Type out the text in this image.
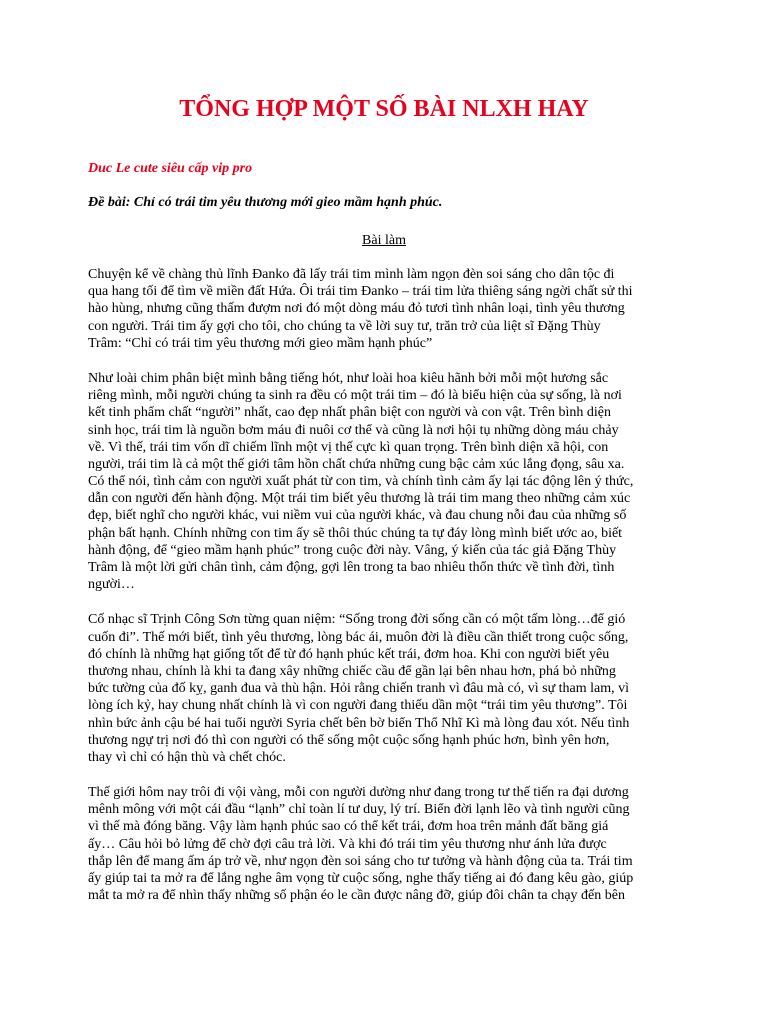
TỔNG HỢP MỘT SỐ BÀI NLXH HAY
Duc Le cute siêu cấp vip pro
Đề bài: Chỉ có trái tim yêu thương mới gieo mầm hạnh phúc.
Bài làm
Chuyện kể về chàng thủ lĩnh Đanko đã lấy trái tim mình làm ngọn đèn soi sáng cho dân tộc đi
qua hang tối để tìm về miền đất Hứa. Ôi trái tim Đanko – trái tim lửa thiêng sáng ngời chất sử thi
hào hùng, nhưng cũng thấm đượm nơi đó một dòng máu đỏ tươi tình nhân loại, tình yêu thương
con người. Trái tim ấy gợi cho tôi, cho chúng ta về lời suy tư, trăn trở của liệt sĩ Đặng Thùy
Trâm: “Chỉ có trái tim yêu thương mới gieo mầm hạnh phúc”
Như loài chim phân biệt mình bằng tiếng hót, như loài hoa kiêu hãnh bởi mỗi một hương sắc
riêng mình, mỗi người chúng ta sinh ra đều có một trái tim – đó là biểu hiện của sự sống, là nơi
kết tinh phẩm chất “người” nhất, cao đẹp nhất phân biệt con người và con vật. Trên bình diện
sinh học, trái tim là nguồn bơm máu đi nuôi cơ thể và cũng là nơi hội tụ những dòng máu chảy
về. Vì thế, trái tim vốn dĩ chiếm lĩnh một vị thế cực kì quan trọng. Trên bình diện xã hội, con
người, trái tim là cả một thế giới tâm hồn chất chứa những cung bậc cảm xúc lắng đọng, sâu xa.
Có thể nói, tình cảm con người xuất phát từ con tim, và chính tình cảm ấy lại tác động lên ý thức,
dẫn con người đến hành động. Một trái tim biết yêu thương là trái tim mang theo những cảm xúc
đẹp, biết nghĩ cho người khác, vui niềm vui của người khác, và đau chung nỗi đau của những số
phận bất hạnh. Chính những con tim ấy sẽ thôi thúc chúng ta tự đáy lòng mình biết ước ao, biết
hành động, để “gieo mầm hạnh phúc” trong cuộc đời này. Vâng, ý kiến của tác giả Đặng Thùy
Trâm là một lời gửi chân tình, cảm động, gợi lên trong ta bao nhiêu thổn thức về tình đời, tình
người…
Cố nhạc sĩ Trịnh Công Sơn từng quan niệm: “Sống trong đời sống cần có một tấm lòng…để gió
cuốn đi”. Thế mới biết, tình yêu thương, lòng bác ái, muôn đời là điều cần thiết trong cuộc sống,
đó chính là những hạt giống tốt để từ đó hạnh phúc kết trái, đơm hoa. Khi con người biết yêu
thương nhau, chính là khi ta đang xây những chiếc cầu để gần lại bên nhau hơn, phá bỏ những
bức tường của đố kỵ, ganh đua và thù hận. Hỏi rằng chiến tranh vì đâu mà có, vì sự tham lam, vì
lòng ích kỷ, hay chung nhất chính là vì con người đang thiếu dần một “trái tim yêu thương”. Tôi
nhìn bức ảnh cậu bé hai tuổi người Syria chết bên bờ biển Thổ Nhĩ Kì mà lòng đau xót. Nếu tình
thương ngự trị nơi đó thì con người có thể sống một cuộc sống hạnh phúc hơn, bình yên hơn,
thay vì chỉ có hận thù và chết chóc.
Thế giới hôm nay trôi đi vội vàng, mỗi con người dường như đang trong tư thế tiến ra đại dương
mênh mông với một cái đầu “lạnh” chỉ toàn lí tư duy, lý trí. Biển đời lạnh lẽo và tình người cũng
vì thế mà đóng băng. Vậy làm hạnh phúc sao có thể kết trái, đơm hoa trên mảnh đất băng giá
ấy… Câu hỏi bỏ lửng để chờ đợi câu trả lời. Và khi đó trái tim yêu thương như ánh lửa được
thắp lên để mang ấm áp trở về, như ngọn đèn soi sáng cho tư tưởng và hành động của ta. Trái tim
ấy giúp tai ta mở ra để lắng nghe âm vọng từ cuộc sống, nghe thấy tiếng ai đó đang kêu gào, giúp
mắt ta mở ra để nhìn thấy những số phận éo le cần được nâng đỡ, giúp đôi chân ta chạy đến bên
